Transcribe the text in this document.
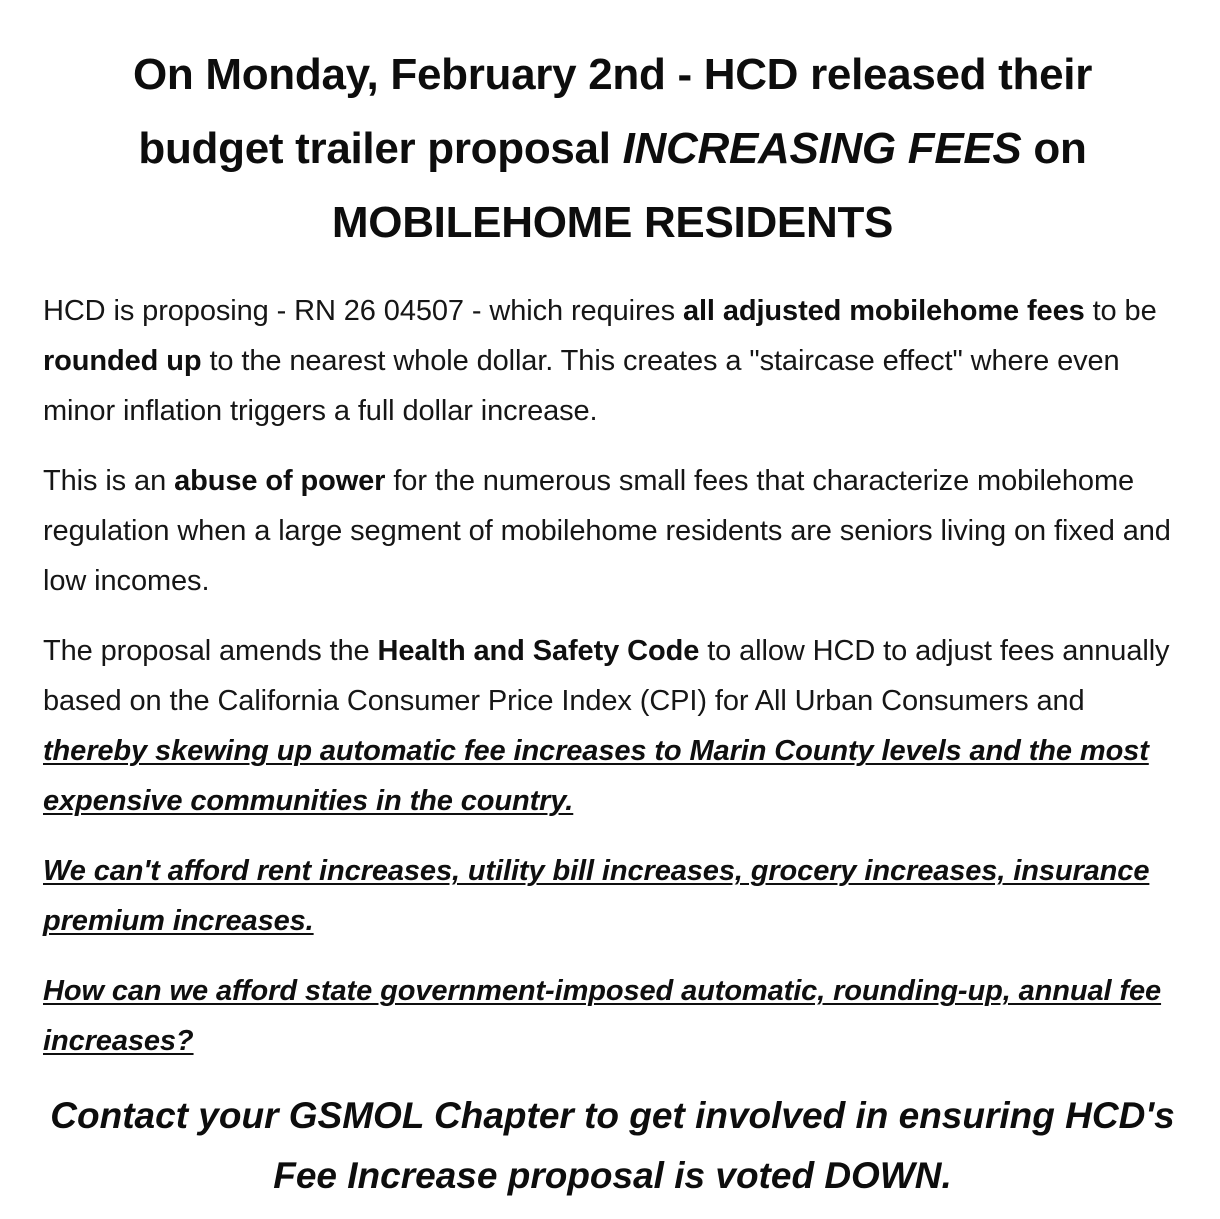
On Monday, February 2nd - HCD released their
budget trailer proposal INCREASING FEES on
MOBILEHOME RESIDENTS

HCD is proposing - RN 26 04507 - which requires all adjusted mobilehome fees to be rounded up to the nearest whole dollar. This creates a "staircase effect" where even minor inflation triggers a full dollar increase.

This is an abuse of power for the numerous small fees that characterize mobilehome regulation when a large segment of mobilehome residents are seniors living on fixed and low incomes.

The proposal amends the Health and Safety Code to allow HCD to adjust fees annually based on the California Consumer Price Index (CPI) for All Urban Consumers and thereby skewing up automatic fee increases to Marin County levels and the most expensive communities in the country.

We can't afford rent increases, utility bill increases, grocery increases, insurance premium increases.

How can we afford state government-imposed automatic, rounding-up, annual fee increases?

Contact your GSMOL Chapter to get involved in ensuring HCD's
Fee Increase proposal is voted DOWN.
